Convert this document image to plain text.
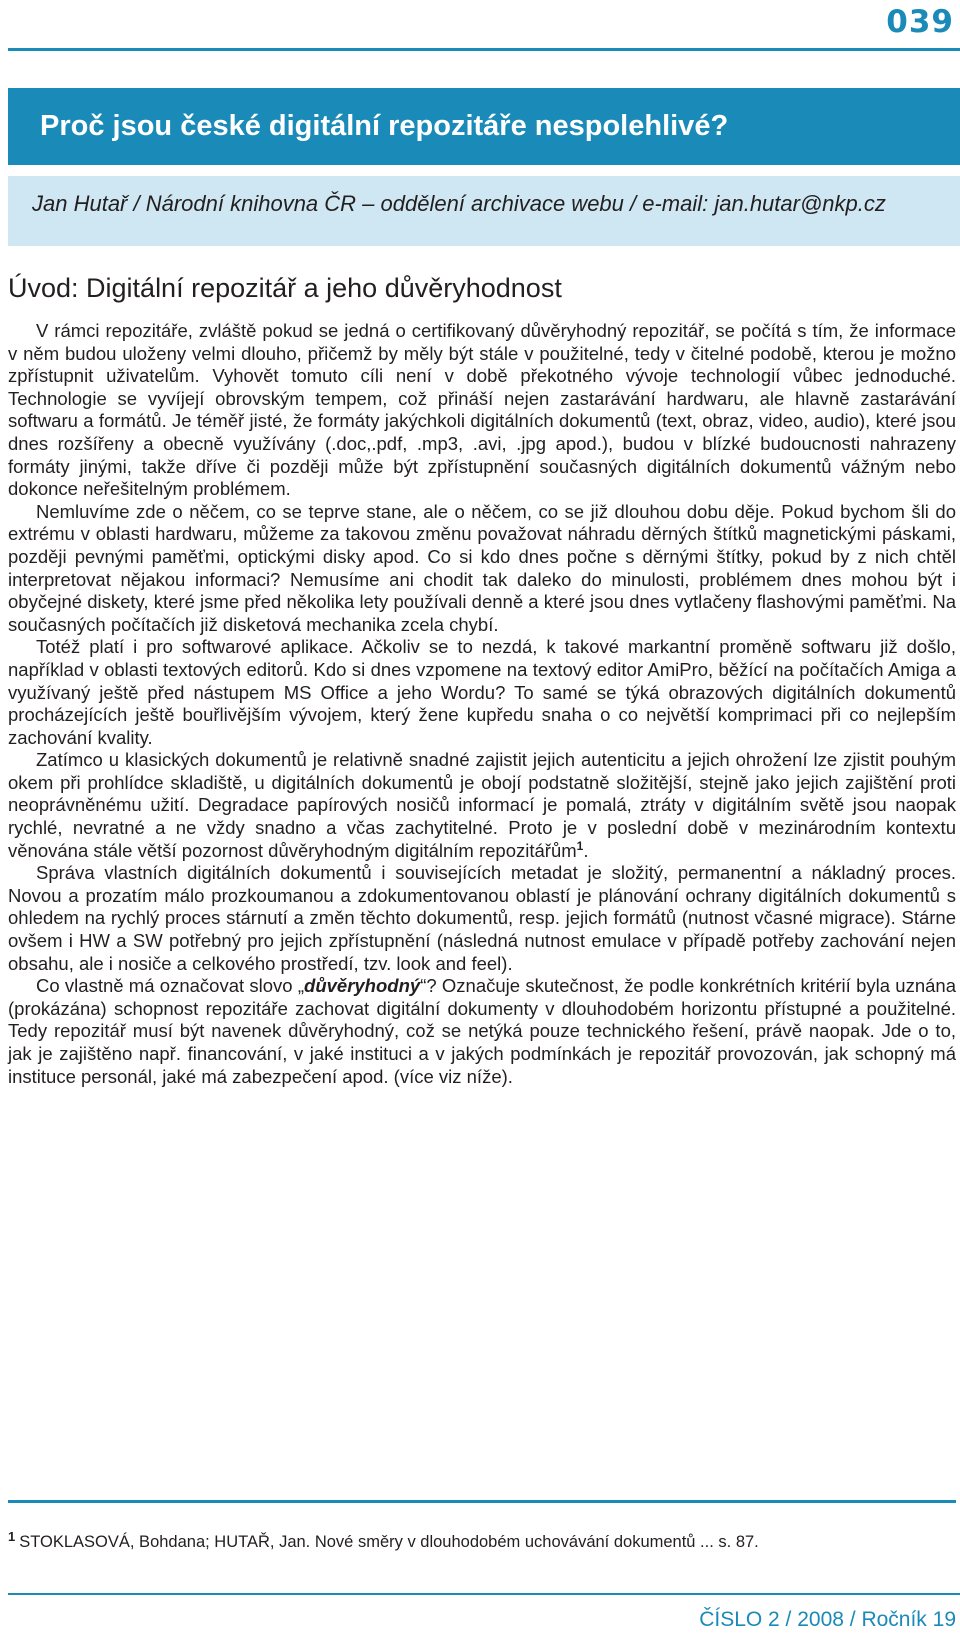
039
Proč jsou české digitální repozitáře nespolehlivé?

Jan Hutař / Národní knihovna ČR – oddělení archivace webu / e-mail: jan.hutar@nkp.cz

Úvod: Digitální repozitář a jeho důvěryhodnost

V rámci repozitáře, zvláště pokud se jedná o certifikovaný důvěryhodný repozitář, se počítá s tím, že informace v něm budou uloženy velmi dlouho, přičemž by měly být stále v použitelné, tedy v čitelné podobě, kterou je možno zpřístupnit uživatelům. Vyhovět tomuto cíli není v době překotného vývoje technologií vůbec jednoduché. Technologie se vyvíjejí obrovským tempem, což přináší nejen zastarávání hardwaru, ale hlavně zastarávání softwaru a formátů. Je téměř jisté, že formáty jakýchkoli digitálních dokumentů (text, obraz, video, audio), které jsou dnes rozšířeny a obecně využívány (.doc,.pdf, .mp3, .avi, .jpg apod.), budou v blízké budoucnosti nahrazeny formáty jinými, takže dříve či později může být zpřístupnění současných digitálních dokumentů vážným nebo dokonce neřešitelným problémem.

Nemluvíme zde o něčem, co se teprve stane, ale o něčem, co se již dlouhou dobu děje. Pokud bychom šli do extrému v oblasti hardwaru, můžeme za takovou změnu považovat náhradu děrných štítků magnetickými páskami, později pevnými paměťmi, optickými disky apod. Co si kdo dnes počne s děrnými štítky, pokud by z nich chtěl interpretovat nějakou informaci? Nemusíme ani chodit tak daleko do minulosti, problémem dnes mohou být i obyčejné diskety, které jsme před několika lety používali denně a které jsou dnes vytlačeny flashovými paměťmi. Na současných počítačích již disketová mechanika zcela chybí.

Totéž platí i pro softwarové aplikace. Ačkoliv se to nezdá, k takové markantní proměně softwaru již došlo, například v oblasti textových editorů. Kdo si dnes vzpomene na textový editor AmiPro, běžící na počítačích Amiga a využívaný ještě před nástupem MS Office a jeho Wordu? To samé se týká obrazových digitálních dokumentů procházejících ještě bouřlivějším vývojem, který žene kupředu snaha o co největší komprimaci při co nejlepším zachování kvality.

Zatímco u klasických dokumentů je relativně snadné zajistit jejich autenticitu a jejich ohrožení lze zjistit pouhým okem při prohlídce skladiště, u digitálních dokumentů je obojí podstatně složitější, stejně jako jejich zajištění proti neoprávněnému užití. Degradace papírových nosičů informací je pomalá, ztráty v digitálním světě jsou naopak rychlé, nevratné a ne vždy snadno a včas zachytitelné. Proto je v poslední době v mezinárodním kontextu věnována stále větší pozornost důvěryhodným digitálním repozitářům$^1$.

Správa vlastních digitálních dokumentů i souvisejících metadat je složitý, permanentní a nákladný proces. Novou a prozatím málo prozkoumanou a zdokumentovanou oblastí je plánování ochrany digitálních dokumentů s ohledem na rychlý proces stárnutí a změn těchto dokumentů, resp. jejich formátů (nutnost včasné migrace). Stárne ovšem i HW a SW potřebný pro jejich zpřístupnění (následná nutnost emulace v případě potřeby zachování nejen obsahu, ale i nosiče a celkového prostředí, tzv. look and feel).

Co vlastně má označovat slovo „důvěryhodný“? Označuje skutečnost, že podle konkrétních kritérií byla uznána (prokázána) schopnost repozitáře zachovat digitální dokumenty v dlouhodobém horizontu přístupné a použitelné. Tedy repozitář musí být navenek důvěryhodný, což se netýká pouze technického řešení, právě naopak. Jde o to, jak je zajištěno např. financování, v jaké instituci a v jakých podmínkách je repozitář provozován, jak schopný má instituce personál, jaké má zabezpečení apod. (více viz níže).

$^1$ STOKLASOVÁ, Bohdana; HUTAŘ, Jan. Nové směry v dlouhodobém uchovávání dokumentů ... s. 87.
ČÍSLO 2 / 2008 / Ročník 19
